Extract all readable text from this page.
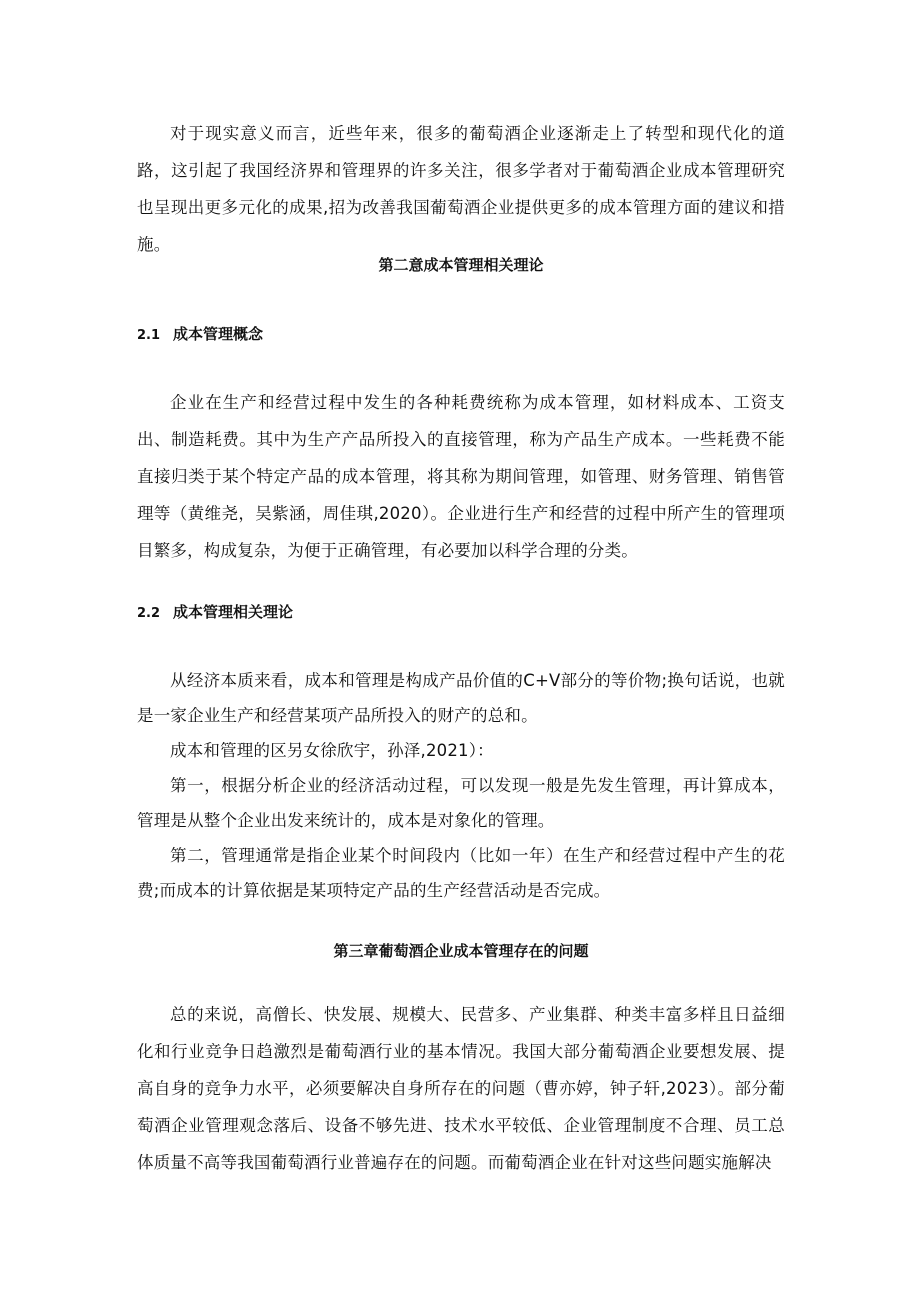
对于现实意义而言，近些年来，很多的葡萄酒企业逐渐走上了转型和现代化的道路，这引起了我国经济界和管理界的许多关注，很多学者对于葡萄酒企业成本管理研究也呈现出更多元化的成果,招为改善我国葡萄酒企业提供更多的成本管理方面的建议和措施。

第二意成本管理相关理论
2.1 成本管理概念

企业在生产和经营过程中发生的各种耗费统称为成本管理，如材料成本、工资支出、制造耗费。其中为生产产品所投入的直接管理，称为产品生产成本。一些耗费不能直接归类于某个特定产品的成本管理，将其称为期间管理，如管理、财务管理、销售管理等（黄维尧，吴紫涵，周佳琪,2020）。企业进行生产和经营的过程中所产生的管理项目繁多，构成复杂，为便于正确管理，有必要加以科学合理的分类。

2.2 成本管理相关理论

从经济本质来看，成本和管理是构成产品价值的C+V部分的等价物;换句话说，也就是一家企业生产和经营某项产品所投入的财产的总和。

成本和管理的区另女徐欣宇，孙泽,2021）：

第一，根据分析企业的经济活动过程，可以发现一般是先发生管理，再计算成本，管理是从整个企业出发来统计的，成本是对象化的管理。

第二，管理通常是指企业某个时间段内（比如一年）在生产和经营过程中产生的花费;而成本的计算依据是某项特定产品的生产经营活动是否完成。

第三章葡萄酒企业成本管理存在的问题

总的来说，高僧长、快发展、规模大、民营多、产业集群、种类丰富多样且日益细化和行业竞争日趋激烈是葡萄酒行业的基本情况。我国大部分葡萄酒企业要想发展、提高自身的竞争力水平，必须要解决自身所存在的问题（曹亦婷，钟子轩,2023）。部分葡萄酒企业管理观念落后、设备不够先进、技术水平较低、企业管理制度不合理、员工总体质量不高等我国葡萄酒行业普遍存在的问题。而葡萄酒企业在针对这些问题实施解决
